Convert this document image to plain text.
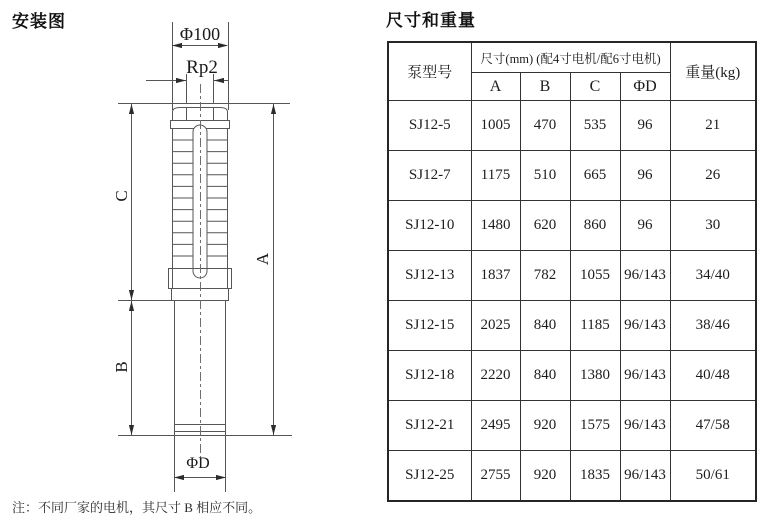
安装图
Φ100
Rp2
C
B
A
ΦD
注：不同厂家的电机，其尺寸 B 相应不同。
尺寸和重量
泵型号	尺寸(mm) (配4寸电机/配6寸电机)				重量(kg)
	A	B	C	ΦD	
SJ12-5	1005	470	535	96	21
SJ12-7	1175	510	665	96	26
SJ12-10	1480	620	860	96	30
SJ12-13	1837	782	1055	96/143	34/40
SJ12-15	2025	840	1185	96/143	38/46
SJ12-18	2220	840	1380	96/143	40/48
SJ12-21	2495	920	1575	96/143	47/58
SJ12-25	2755	920	1835	96/143	50/61
